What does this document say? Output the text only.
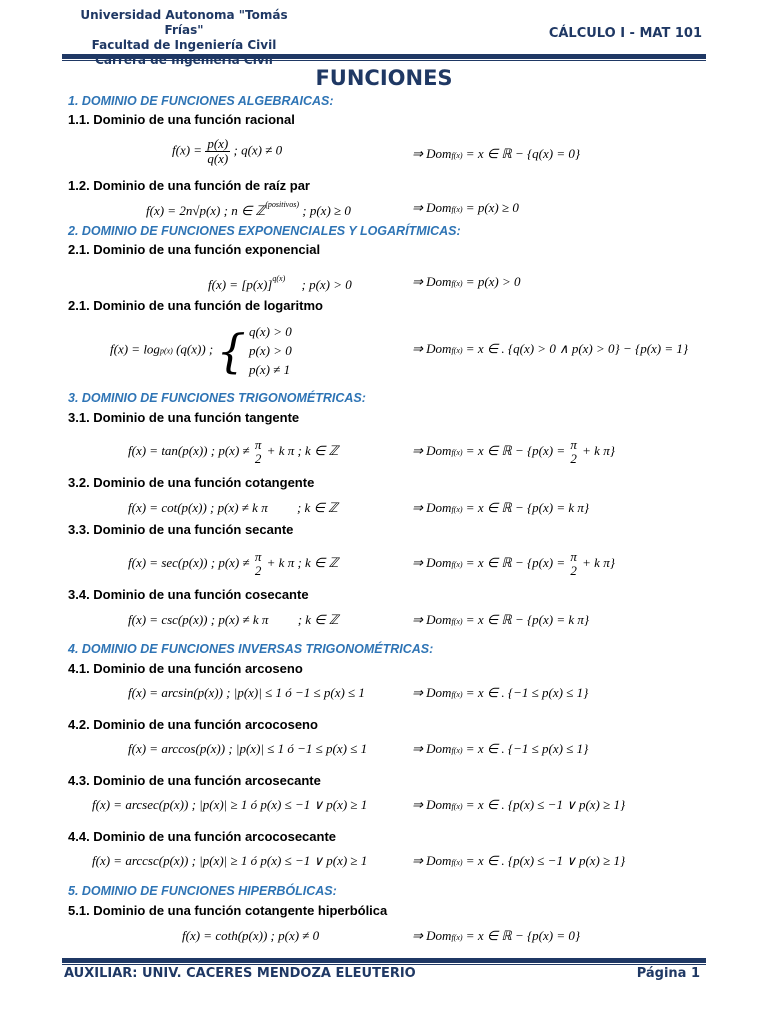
Universidad Autonoma "Tomás Frías"
Facultad de Ingeniería Civil
CÁLCULO I - MAT 101
FUNCIONES
1. DOMINIO DE FUNCIONES ALGEBRAICAS:
1.1. Dominio de una función racional
$f(x) = \frac{p(x)}{q(x)}$ ; q(x) ≠ 0	⇒ Domf(x) = x ∈ ℝ − {q(x) = 0}
1.2. Dominio de una función de raíz par
f(x) = 2n√p(x) ; n ∈ ℤ$^{(positivos)}$ ; p(x) ≥ 0	⇒ Domf(x) = p(x) ≥ 0
2. DOMINIO DE FUNCIONES EXPONENCIALES Y LOGARÍTMICAS:
2.1. Dominio de una función exponencial
$f(x) = [p(x)]^{q(x)}$ ; p(x) > 0	⇒ Domf(x) = p(x) > 0
2.1. Dominio de una función de logaritmo
f(x) = logp(x) (q(x)) ; { q(x) > 0
p(x) > 0
p(x) ≠ 1
⇒ Domf(x) = x ∈ . {q(x) > 0 ∧ p(x) > 0} − {p(x) = 1}
3. DOMINIO DE FUNCIONES TRIGONOMÉTRICAS:
3.1. Dominio de una función tangente
f(x) = tan(p(x)) ; p(x) ≠ π
2
+ k π ; k ∈ ℤ	⇒ Domf(x) = x ∈ ℝ − {p(x) = π
2
+ k π}
3.2. Dominio de una función cotangente
f(x) = cot(p(x)) ; p(x) ≠ k π ; k ∈ ℤ	⇒ Domf(x) = x ∈ ℝ − {p(x) = k π}
3.3. Dominio de una función secante
f(x) = sec(p(x)) ; p(x) ≠ π
2
+ k π ; k ∈ ℤ	⇒ Domf(x) = x ∈ ℝ − {p(x) = π
2
+ k π}
3.4. Dominio de una función cosecante
f(x) = csc(p(x)) ; p(x) ≠ k π ; k ∈ ℤ	⇒ Domf(x) = x ∈ ℝ − {p(x) = k π}
4. DOMINIO DE FUNCIONES INVERSAS TRIGONOMÉTRICAS:
4.1. Dominio de una función arcoseno
f(x) = arcsin(p(x)) ; |p(x)| ≤ 1 ó −1 ≤ p(x) ≤ 1	⇒ Domf(x) = x ∈ . {−1 ≤ p(x) ≤ 1}
4.2. Dominio de una función arcocoseno
f(x) = arccos(p(x)) ; |p(x)| ≤ 1 ó −1 ≤ p(x) ≤ 1	⇒ Domf(x) = x ∈ . {−1 ≤ p(x) ≤ 1}
4.3. Dominio de una función arcosecante
f(x) = arcsec(p(x)) ; |p(x)| ≥ 1 ó p(x) ≤ −1 ∨ p(x) ≥ 1	⇒ Domf(x) = x ∈ . {p(x) ≤ −1 ∨ p(x) ≥ 1}
4.4. Dominio de una función arcocosecante
f(x) = arccsc(p(x)) ; |p(x)| ≥ 1 ó p(x) ≤ −1 ∨ p(x) ≥ 1	⇒ Domf(x) = x ∈ . {p(x) ≤ −1 ∨ p(x) ≥ 1}
5. DOMINIO DE FUNCIONES HIPERBÓLICAS:
5.1. Dominio de una función cotangente hiperbólica
f(x) = coth(p(x)) ; p(x) ≠ 0	⇒ Domf(x) = x ∈ ℝ − {p(x) = 0}
AUXILIAR: UNIV. CACERES MENDOZA ELEUTERIO	Página 1
